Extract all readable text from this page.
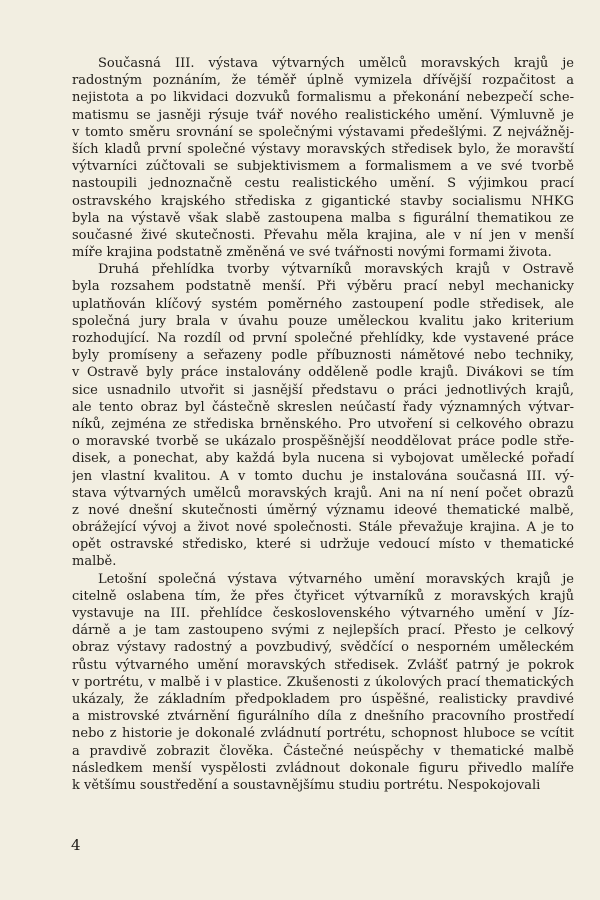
Současná III. výstava výtvarných umělců moravských krajů je
radostným poznáním, že téměř úplně vymizela dřívější rozpačitost a
nejistota a po likvidaci dozvuků formalismu a překonání nebezpečí sche-
matismu se jasněji rýsuje tvář nového realistického umění. Výmluvně je
v tomto směru srovnání se společnými výstavami předešlými. Z nejvážněj-
ších kladů první společné výstavy moravských středisek bylo, že moravští
výtvarníci zúčtovali se subjektivismem a formalismem a ve své tvorbě
nastoupili jednoznačně cestu realistického umění. S výjimkou prací
ostravského krajského střediska z gigantické stavby socialismu NHKG
byla na výstavě však slabě zastoupena malba s figurální thematikou ze
současné živé skutečnosti. Převahu měla krajina, ale v ní jen v menší
míře krajina podstatně změněná ve své tvářnosti novými formami života.
Druhá přehlídka tvorby výtvarníků moravských krajů v Ostravě
byla rozsahem podstatně menší. Při výběru prací nebyl mechanicky
uplatňován klíčový systém poměrného zastoupení podle středisek, ale
společná jury brala v úvahu pouze uměleckou kvalitu jako kriterium
rozhodující. Na rozdíl od první společné přehlídky, kde vystavené práce
byly promíseny a seřazeny podle příbuznosti námětové nebo techniky,
v Ostravě byly práce instalovány odděleně podle krajů. Divákovi se tím
sice usnadnilo utvořit si jasnější představu o práci jednotlivých krajů,
ale tento obraz byl částečně skreslen neúčastí řady významných výtvar-
níků, zejména ze střediska brněnského. Pro utvoření si celkového obrazu
o moravské tvorbě se ukázalo prospěšnější neoddělovat práce podle stře-
disek, a ponechat, aby každá byla nucena si vybojovat umělecké pořadí
jen vlastní kvalitou. A v tomto duchu je instalována současná III. vý-
stava výtvarných umělců moravských krajů. Ani na ní není počet obrazů
z nové dnešní skutečnosti úměrný významu ideové thematické malbě,
obrážející vývoj a život nové společnosti. Stále převažuje krajina. A je to
opět ostravské středisko, které si udržuje vedoucí místo v thematické
malbě.
Letošní společná výstava výtvarného umění moravských krajů je
citelně oslabena tím, že přes čtyřicet výtvarníků z moravských krajů
vystavuje na III. přehlídce československého výtvarného umění v Jíz-
dárně a je tam zastoupeno svými z nejlepších prací. Přesto je celkový
obraz výstavy radostný a povzbudivý, svědčící o nesporném uměleckém
růstu výtvarného umění moravských středisek. Zvlášť patrný je pokrok
v portrétu, v malbě i v plastice. Zkušenosti z úkolových prací thematických
ukázaly, že základním předpokladem pro úspěšné, realisticky pravdivé
a mistrovské ztvárnění figurálního díla z dnešního pracovního prostředí
nebo z historie je dokonalé zvládnutí portrétu, schopnost hluboce se vcítit
a pravdivě zobrazit člověka. Částečné neúspěchy v thematické malbě
následkem menší vyspělosti zvládnout dokonale figuru přivedlo malíře
k většímu soustředění a soustavnějšímu studiu portrétu. Nespokojovali
4
